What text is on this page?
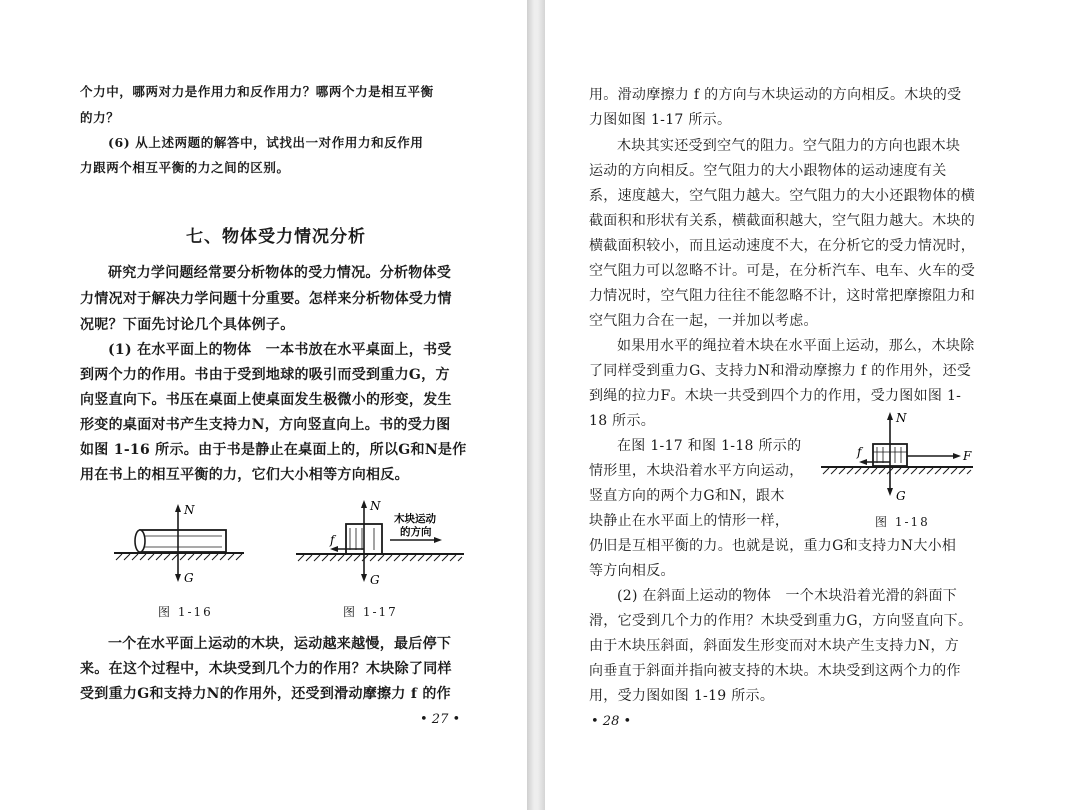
个力中，哪两对力是作用力和反作用力？哪两个力是相互平衡
的力？
(6) 从上述两题的解答中，试找出一对作用力和反作用
力跟两个相互平衡的力之间的区别。
七、物体受力情况分析
研究力学问题经常要分析物体的受力情况。分析物体受
力情况对于解决力学问题十分重要。怎样来分析物体受力情
况呢？下面先讨论几个具体例子。
(1) 在水平面上的物体　一本书放在水平桌面上，书受
到两个力的作用。书由于受到地球的吸引而受到重力G，方
向竖直向下。书压在桌面上使桌面发生极微小的形变，发生
形变的桌面对书产生支持力N，方向竖直向上。书的受力图
如图 1-16 所示。由于书是静止在桌面上的，所以G和N是作
用在书上的相互平衡的力，它们大小相等方向相反。
N
G
图 1-16
N
G
f
木块运动
的方向
图 1-17
一个在水平面上运动的木块，运动越来越慢，最后停下
来。在这个过程中，木块受到几个力的作用？木块除了同样
受到重力G和支持力N的作用外，还受到滑动摩擦力 f 的作
• 27 •
用。滑动摩擦力 f 的方向与木块运动的方向相反。木块的受
力图如图 1-17 所示。
木块其实还受到空气的阻力。空气阻力的方向也跟木块
运动的方向相反。空气阻力的大小跟物体的运动速度有关
系，速度越大，空气阻力越大。空气阻力的大小还跟物体的横
截面积和形状有关系，横截面积越大，空气阻力越大。木块的
横截面积较小，而且运动速度不大，在分析它的受力情况时，
空气阻力可以忽略不计。可是，在分析汽车、电车、火车的受
力情况时，空气阻力往往不能忽略不计，这时常把摩擦阻力和
空气阻力合在一起，一并加以考虑。
如果用水平的绳拉着木块在水平面上运动，那么，木块除
了同样受到重力G、支持力N和滑动摩擦力 f 的作用外，还受
到绳的拉力F。木块一共受到四个力的作用，受力图如图 1-
18 所示。
在图 1-17 和图 1-18 所示的
情形里，木块沿着水平方向运动，
竖直方向的两个力G和N，跟木
块静止在水平面上的情形一样，
N
G
f	F
图 1-18
仍旧是互相平衡的力。也就是说，重力G和支持力N大小相
等方向相反。
(2) 在斜面上运动的物体　一个木块沿着光滑的斜面下
滑，它受到几个力的作用？木块受到重力G，方向竖直向下。
由于木块压斜面，斜面发生形变而对木块产生支持力N，方
向垂直于斜面并指向被支持的木块。木块受到这两个力的作
用，受力图如图 1-19 所示。
• 28 •
